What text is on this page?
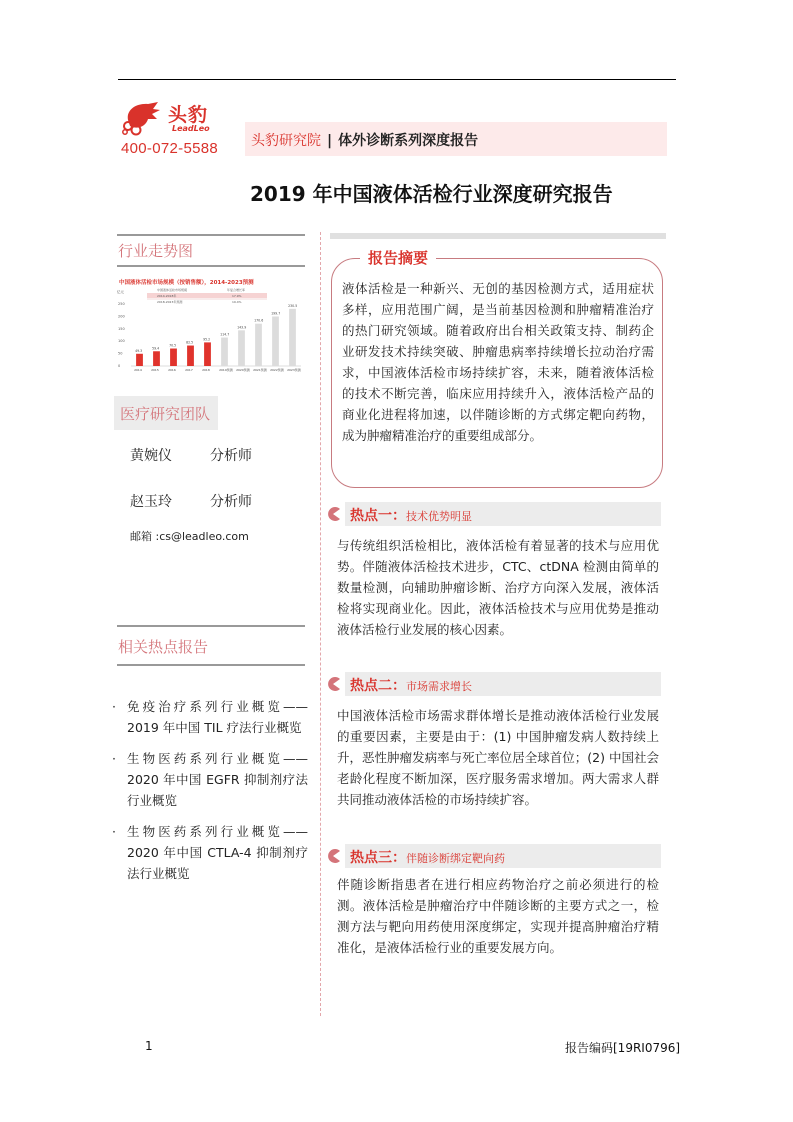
头豹
LeadLeo
400-072-5588 头豹研究院 | 体外诊断系列深度报告
2019 年中国液体活检行业深度研究报告
行业走势图
中国液体活检市场规模（按销售额），2014-2023预测
2014-2018年	17.9%
2018-2023年预测	19.4%
中国液体活检市场规模	年复合增长率
亿元
0
50
100
150
200
250
49.3
2014
59.4
2015
70.5
2016
82.5
2017
95.2
2018
114.7
2019预测
143.9
2020预测
170.6
2021预测
199.7
2022预测
230.5
2023预测
医疗研究团队
黄婉仪	分析师
赵玉玲	分析师
邮箱 :cs@leadleo.com
相关热点报告
· 免疫治疗系列行业概览——2019 年中国 TIL 疗法行业概览
· 生物医药系列行业概览——2020 年中国 EGFR 抑制剂疗法行业概览
· 生物医药系列行业概览——2020 年中国 CTLA-4 抑制剂疗法行业概览
报告摘要
液体活检是一种新兴、无创的基因检测方式，适用症状多样，应用范围广阔，是当前基因检测和肿瘤精准治疗的热门研究领域。随着政府出台相关政策支持、制药企业研发技术持续突破、肿瘤患病率持续增长拉动治疗需求，中国液体活检市场持续扩容，未来，随着液体活检的技术不断完善，临床应用持续升入，液体活检产品的商业化进程将加速，以伴随诊断的方式绑定靶向药物，成为肿瘤精准治疗的重要组成部分。
热点一：技术优势明显
与传统组织活检相比，液体活检有着显著的技术与应用优势。伴随液体活检技术进步，CTC、ctDNA 检测由简单的数量检测，向辅助肿瘤诊断、治疗方向深入发展，液体活检将实现商业化。因此，液体活检技术与应用优势是推动液体活检行业发展的核心因素。
热点二：市场需求增长
中国液体活检市场需求群体增长是推动液体活检行业发展的重要因素，主要是由于：(1) 中国肿瘤发病人数持续上升，恶性肿瘤发病率与死亡率位居全球首位；(2) 中国社会老龄化程度不断加深，医疗服务需求增加。两大需求人群共同推动液体活检的市场持续扩容。
热点三：伴随诊断绑定靶向药
伴随诊断指患者在进行相应药物治疗之前必须进行的检测。液体活检是肿瘤治疗中伴随诊断的主要方式之一，检测方法与靶向用药使用深度绑定，实现并提高肿瘤治疗精准化，是液体活检行业的重要发展方向。
1	报告编码[19RI0796]
